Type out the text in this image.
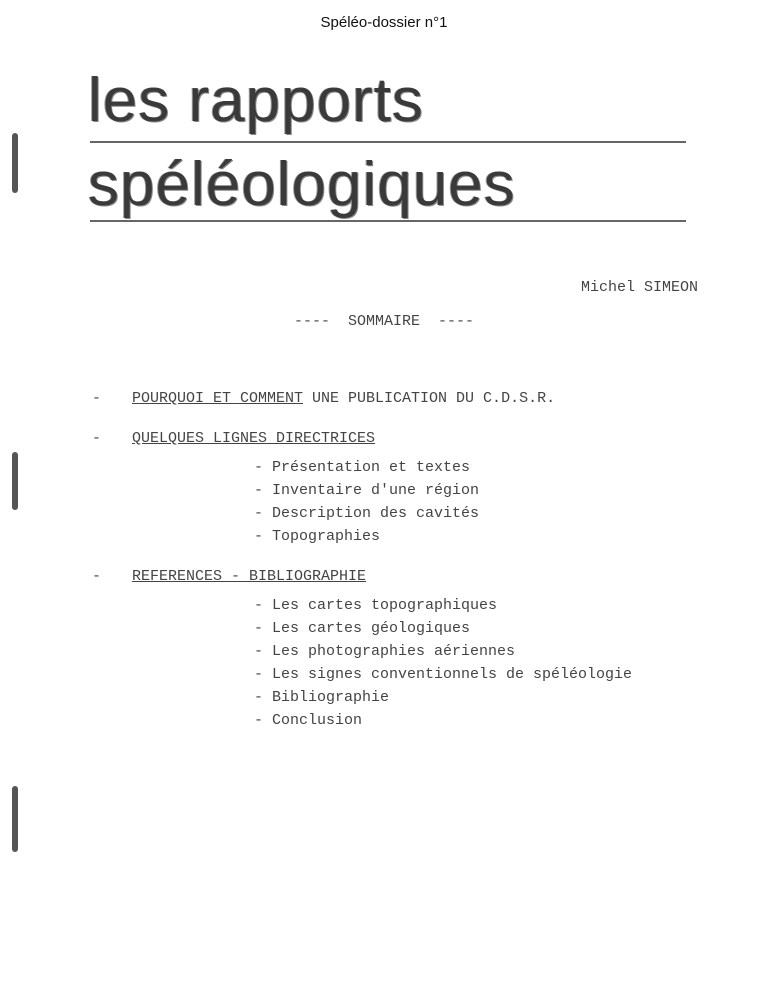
Spéléo-dossier n°1
les rapports
spéléologiques
Michel SIMEON
----  SOMMAIRE  ----
- POURQUOI ET COMMENT UNE PUBLICATION DU C.D.S.R.
- QUELQUES LIGNES DIRECTRICES
- Présentation et textes
- Inventaire d'une région
- Description des cavités
- Topographies
- REFERENCES - BIBLIOGRAPHIE
- Les cartes topographiques
- Les cartes géologiques
- Les photographies aériennes
- Les signes conventionnels de spéléologie
- Bibliographie
- Conclusion
